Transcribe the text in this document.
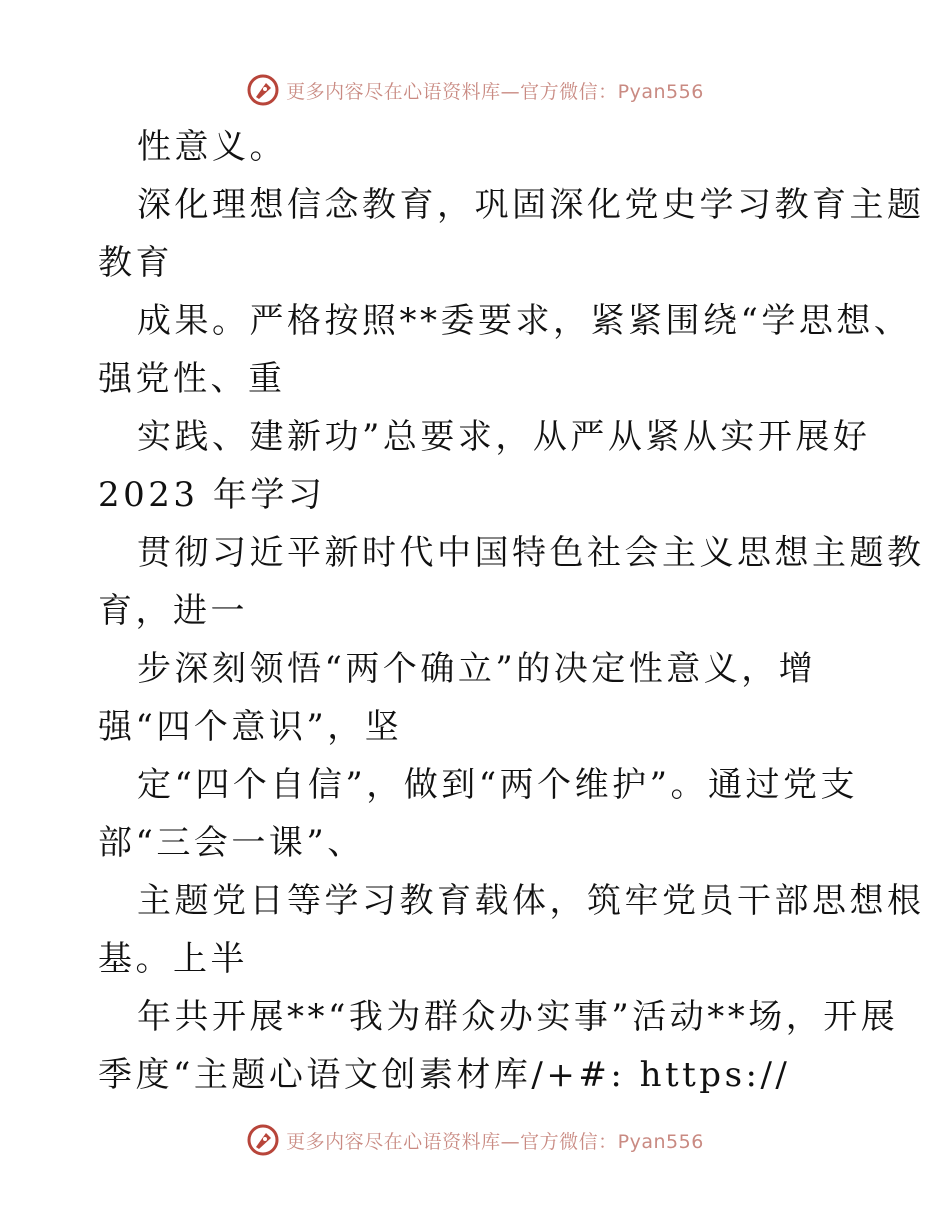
更多内容尽在心语资料库—官方微信：Pyan556
性意义。
深化理想信念教育，巩固深化党史学习教育主题
教育
成果。严格按照**委要求，紧紧围绕“学思想、
强党性、重
实践、建新功”总要求，从严从紧从实开展好
2023 年学习
贯彻习近平新时代中国特色社会主义思想主题教
育，进一
步深刻领悟“两个确立”的决定性意义，增
强“四个意识”，坚
定“四个自信”，做到“两个维护”。通过党支
部“三会一课”、
主题党日等学习教育载体，筑牢党员干部思想根
基。上半
年共开展**“我为群众办实事”活动**场，开展
季度“主题心语文创素材库/+#: https://
更多内容尽在心语资料库—官方微信：Pyan556
